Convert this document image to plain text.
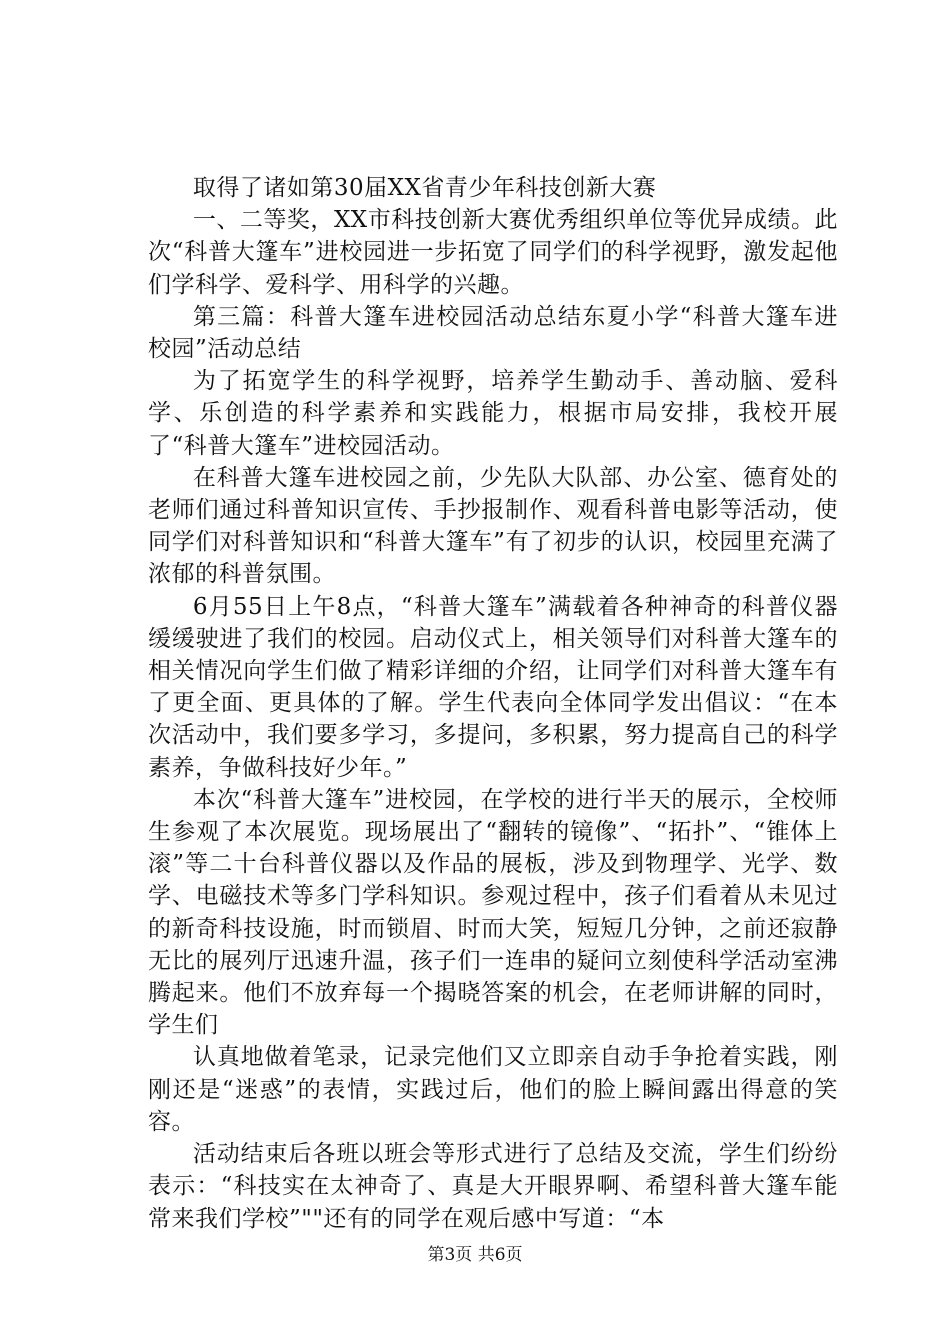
取得了诸如第30届XX省青少年科技创新大赛

一、二等奖，XX市科技创新大赛优秀组织单位等优异成绩。此次“科普大篷车”进校园进一步拓宽了同学们的科学视野，激发起他们学科学、爱科学、用科学的兴趣。

第三篇：科普大篷车进校园活动总结东夏小学“科普大篷车进校园”活动总结

为了拓宽学生的科学视野，培养学生勤动手、善动脑、爱科学、乐创造的科学素养和实践能力，根据市局安排，我校开展了“科普大篷车”进校园活动。

在科普大篷车进校园之前，少先队大队部、办公室、德育处的老师们通过科普知识宣传、手抄报制作、观看科普电影等活动，使同学们对科普知识和“科普大篷车”有了初步的认识，校园里充满了浓郁的科普氛围。

6月55日上午8点，“科普大篷车”满载着各种神奇的科普仪器缓缓驶进了我们的校园。启动仪式上，相关领导们对科普大篷车的相关情况向学生们做了精彩详细的介绍，让同学们对科普大篷车有了更全面、更具体的了解。学生代表向全体同学发出倡议：“在本次活动中，我们要多学习，多提问，多积累，努力提高自己的科学素养，争做科技好少年。”

本次“科普大篷车”进校园，在学校的进行半天的展示，全校师生参观了本次展览。现场展出了“翻转的镜像”、“拓扑”、“锥体上滚”等二十台科普仪器以及作品的展板，涉及到物理学、光学、数学、电磁技术等多门学科知识。参观过程中，孩子们看着从未见过的新奇科技设施，时而锁眉、时而大笑，短短几分钟，之前还寂静无比的展列厅迅速升温，孩子们一连串的疑问立刻使科学活动室沸腾起来。他们不放弃每一个揭晓答案的机会，在老师讲解的同时，学生们

认真地做着笔录，记录完他们又立即亲自动手争抢着实践，刚刚还是“迷惑”的表情，实践过后，他们的脸上瞬间露出得意的笑容。

活动结束后各班以班会等形式进行了总结及交流，学生们纷纷表示：“科技实在太神奇了、真是大开眼界啊、希望科普大篷车能常来我们学校”""还有的同学在观后感中写道：“本

第3页 共6页
